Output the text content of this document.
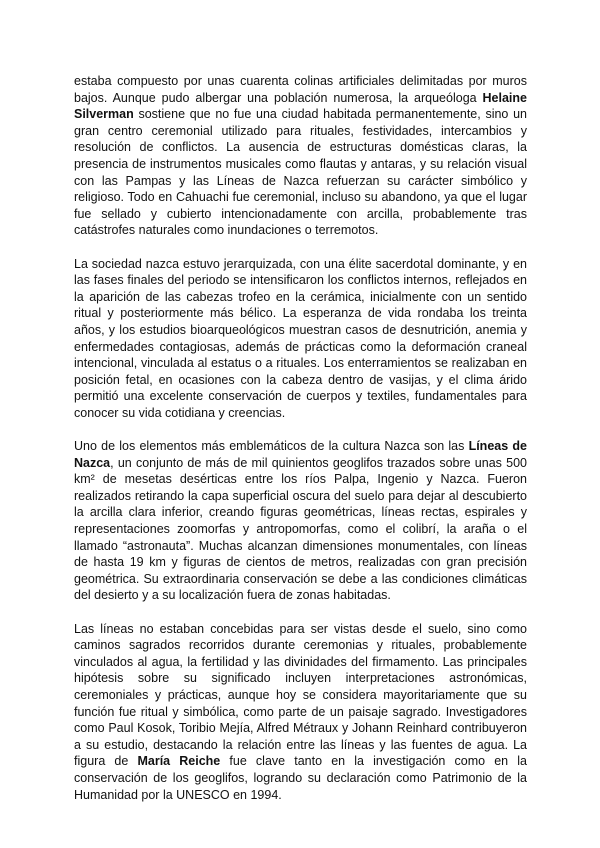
estaba compuesto por unas cuarenta colinas artificiales delimitadas por muros bajos. Aunque pudo albergar una población numerosa, la arqueóloga Helaine Silverman sostiene que no fue una ciudad habitada permanentemente, sino un gran centro ceremonial utilizado para rituales, festividades, intercambios y resolución de conflictos. La ausencia de estructuras domésticas claras, la presencia de instrumentos musicales como flautas y antaras, y su relación visual con las Pampas y las Líneas de Nazca refuerzan su carácter simbólico y religioso. Todo en Cahuachi fue ceremonial, incluso su abandono, ya que el lugar fue sellado y cubierto intencionadamente con arcilla, probablemente tras catástrofes naturales como inundaciones o terremotos.

La sociedad nazca estuvo jerarquizada, con una élite sacerdotal dominante, y en las fases finales del periodo se intensificaron los conflictos internos, reflejados en la aparición de las cabezas trofeo en la cerámica, inicialmente con un sentido ritual y posteriormente más bélico. La esperanza de vida rondaba los treinta años, y los estudios bioarqueológicos muestran casos de desnutrición, anemia y enfermedades contagiosas, además de prácticas como la deformación craneal intencional, vinculada al estatus o a rituales. Los enterramientos se realizaban en posición fetal, en ocasiones con la cabeza dentro de vasijas, y el clima árido permitió una excelente conservación de cuerpos y textiles, fundamentales para conocer su vida cotidiana y creencias.

Uno de los elementos más emblemáticos de la cultura Nazca son las Líneas de Nazca, un conjunto de más de mil quinientos geoglifos trazados sobre unas 500 km² de mesetas desérticas entre los ríos Palpa, Ingenio y Nazca. Fueron realizados retirando la capa superficial oscura del suelo para dejar al descubierto la arcilla clara inferior, creando figuras geométricas, líneas rectas, espirales y representaciones zoomorfas y antropomorfas, como el colibrí, la araña o el llamado “astronauta”. Muchas alcanzan dimensiones monumentales, con líneas de hasta 19 km y figuras de cientos de metros, realizadas con gran precisión geométrica. Su extraordinaria conservación se debe a las condiciones climáticas del desierto y a su localización fuera de zonas habitadas.

Las líneas no estaban concebidas para ser vistas desde el suelo, sino como caminos sagrados recorridos durante ceremonias y rituales, probablemente vinculados al agua, la fertilidad y las divinidades del firmamento. Las principales hipótesis sobre su significado incluyen interpretaciones astronómicas, ceremoniales y prácticas, aunque hoy se considera mayoritariamente que su función fue ritual y simbólica, como parte de un paisaje sagrado. Investigadores como Paul Kosok, Toribio Mejía, Alfred Métraux y Johann Reinhard contribuyeron a su estudio, destacando la relación entre las líneas y las fuentes de agua. La figura de María Reiche fue clave tanto en la investigación como en la conservación de los geoglifos, logrando su declaración como Patrimonio de la Humanidad por la UNESCO en 1994.
